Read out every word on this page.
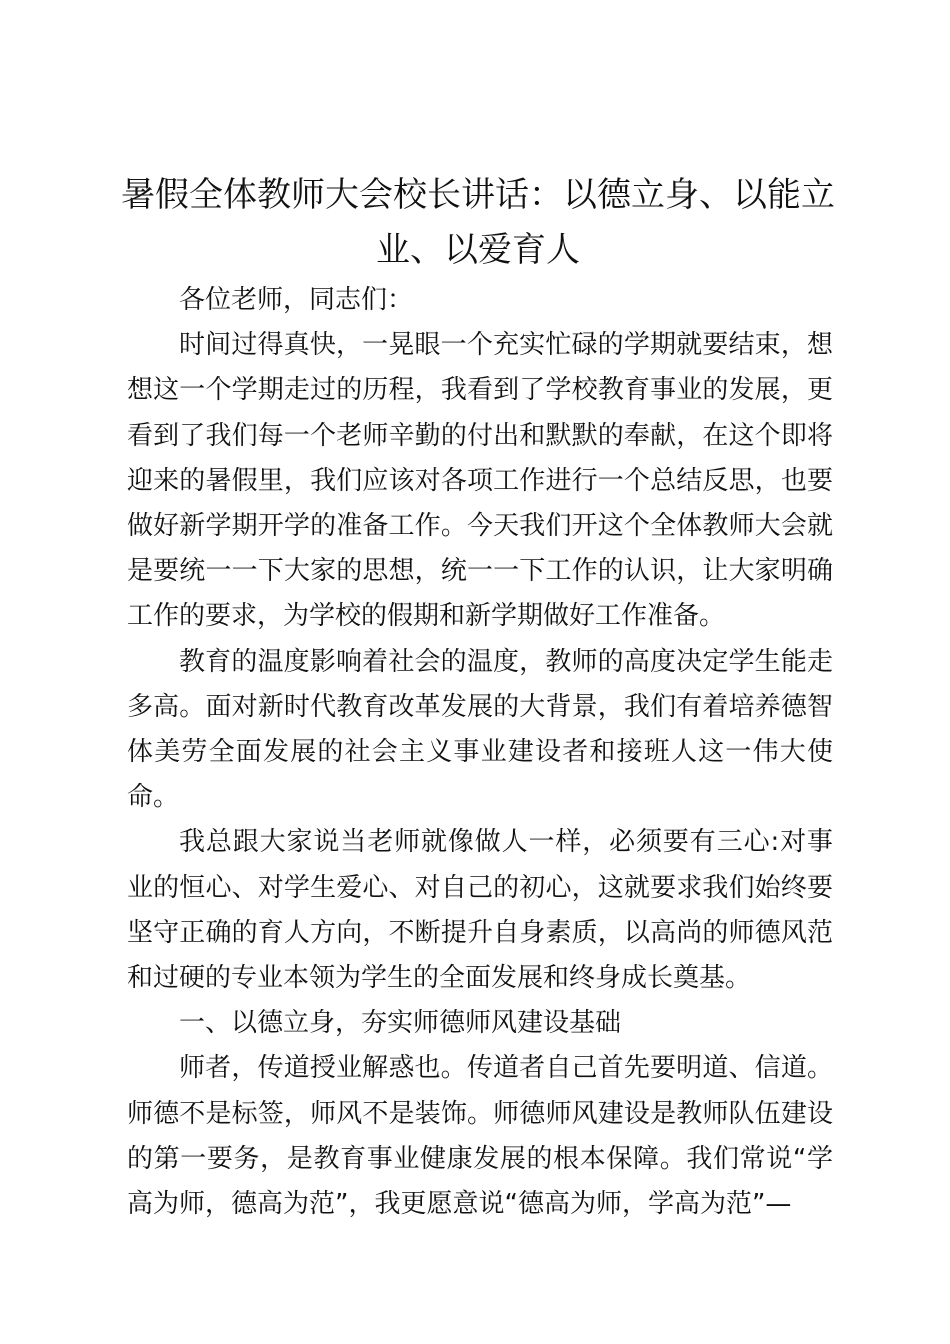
暑假全体教师大会校长讲话：以德立身、以能立业、以爱育人

各位老师，同志们：

时间过得真快，一晃眼一个充实忙碌的学期就要结束，想想这一个学期走过的历程，我看到了学校教育事业的发展，更看到了我们每一个老师辛勤的付出和默默的奉献，在这个即将迎来的暑假里，我们应该对各项工作进行一个总结反思，也要做好新学期开学的准备工作。今天我们开这个全体教师大会就是要统一一下大家的思想，统一一下工作的认识，让大家明确工作的要求，为学校的假期和新学期做好工作准备。

教育的温度影响着社会的温度，教师的高度决定学生能走多高。面对新时代教育改革发展的大背景，我们有着培养德智体美劳全面发展的社会主义事业建设者和接班人这一伟大使命。

我总跟大家说当老师就像做人一样，必须要有三心:对事业的恒心、对学生爱心、对自己的初心，这就要求我们始终要坚守正确的育人方向，不断提升自身素质，以高尚的师德风范和过硬的专业本领为学生的全面发展和终身成长奠基。

一、以德立身，夯实师德师风建设基础

师者，传道授业解惑也。传道者自己首先要明道、信道。师德不是标签，师风不是装饰。师德师风建设是教师队伍建设的第一要务，是教育事业健康发展的根本保障。我们常说“学高为师，德高为范”，我更愿意说“德高为师，学高为范”—
